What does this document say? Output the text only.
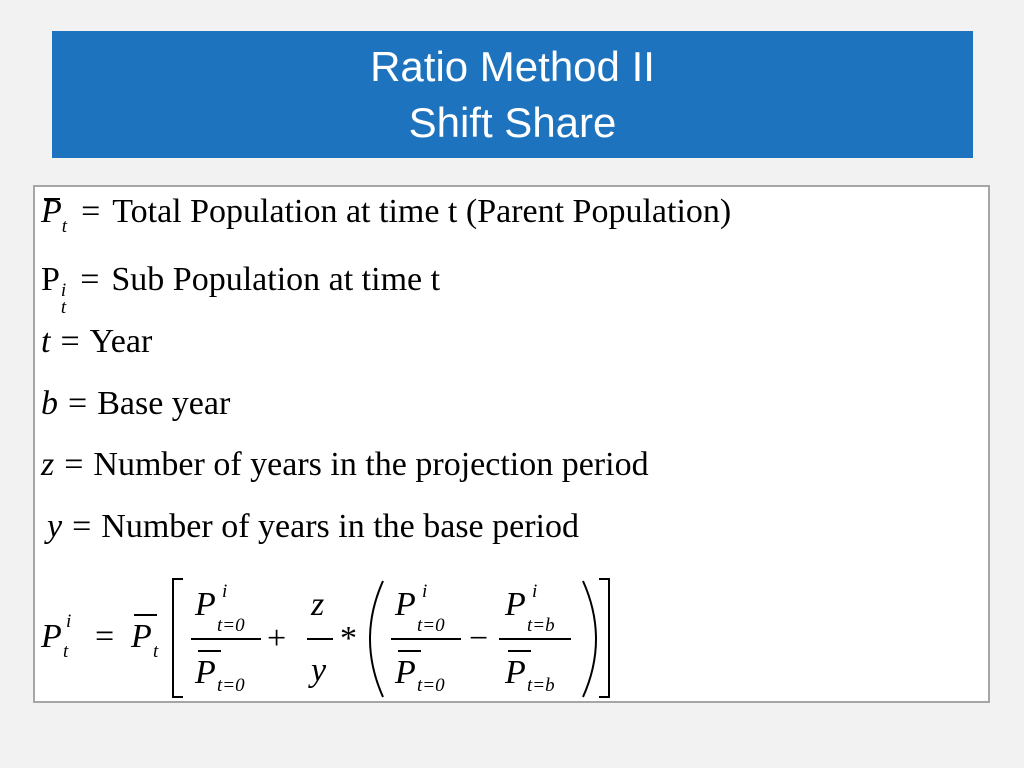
Ratio Method II
Shift Share
P t = Total Population at time t (Parent Population)
P i
t
= Sub Population at time t
t = Year
b = Base year
z = Number of years in the projection period
y = Number of years in the base period
P i
t = P t
P i
t=0
P t=0
+
z
y
*
P i
t=0
P t=0
−
P i
t=b
P t=b
